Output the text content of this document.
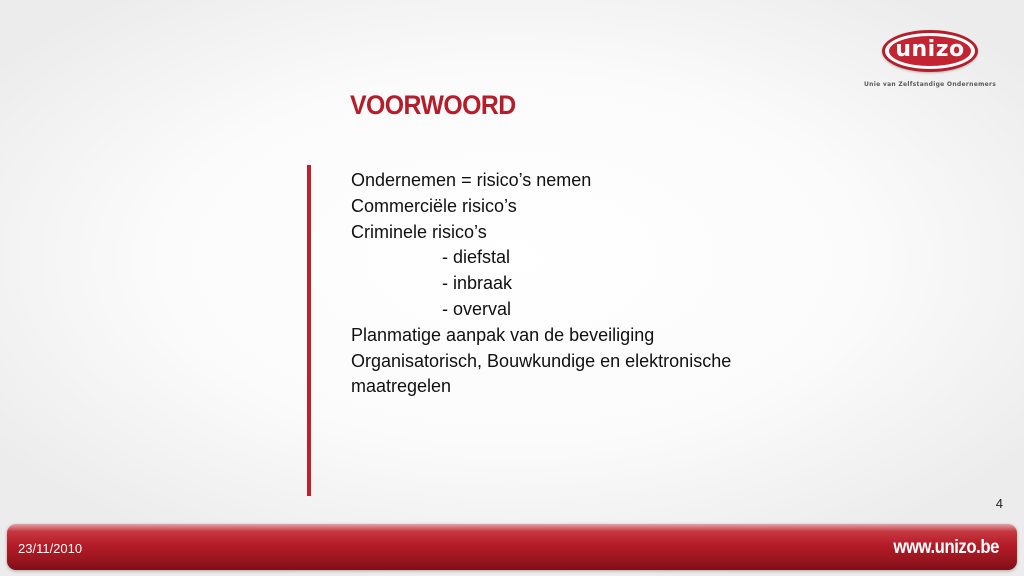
unizo
Unie van Zelfstandige Ondernemers
VOORWOORD
Ondernemen = risico’s nemen
Commerciële risico’s
Criminele risico’s
- diefstal
- inbraak
- overval
Planmatige aanpak van de beveiliging
Organisatorisch, Bouwkundige en elektronische
maatregelen
4
23/11/2010	www.unizo.be
